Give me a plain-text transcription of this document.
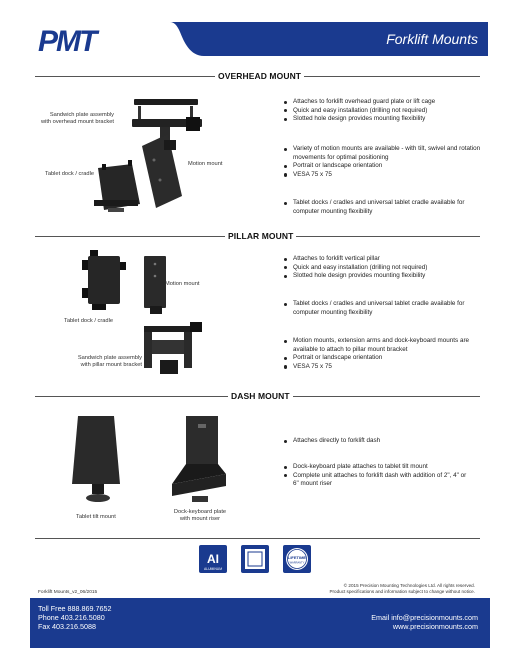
PMT	Forklift Mounts
OVERHEAD MOUNT
Sandwich plate assembly
with overhead mount bracket
Motion mount
Tablet dock / cradle
Attaches to forklift overhead guard plate or lift cage
Quick and easy installation (drilling not required)
Slotted hole design provides mounting flexibility
Variety of motion mounts are available - with tilt, swivel and rotation movements for optimal positioning
Portrait or landscape orientation
VESA 75 x 75
Tablet docks / cradles and universal tablet cradle available for computer mounting flexibility
PILLAR MOUNT
Motion mount
Tablet dock / cradle
Sandwich plate assembly
with pillar mount bracket
Attaches to forklift vertical pillar
Quick and easy installation (drilling not required)
Slotted hole design provides mounting flexibility
Tablet docks / cradles and universal tablet cradle available for computer mounting flexibility
Motion mounts, extension arms and dock-keyboard mounts are available to attach to pillar mount bracket
Portrait or landscape orientation
VESA 75 x 75
DASH MOUNT
Tablet tilt mount
Dock-keyboard plate
with mount riser
Attaches directly to forklift dash
Dock-keyboard plate attaches to tablet tilt mount
Complete unit attaches to forklift dash with addition of 2", 4" or 6" mount riser
AI
ALUMINUM
LIFETIME
WARRANTY
Forklift Mounts_v2_06/2015
© 2015 Precision Mounting Technologies Ltd. All rights reserved.
Product specifications and information subject to change without notice.
Toll Free 888.869.7652
Phone 403.216.5080
Fax 403.216.5088
Email info@precisionmounts.com
www.precisionmounts.com
